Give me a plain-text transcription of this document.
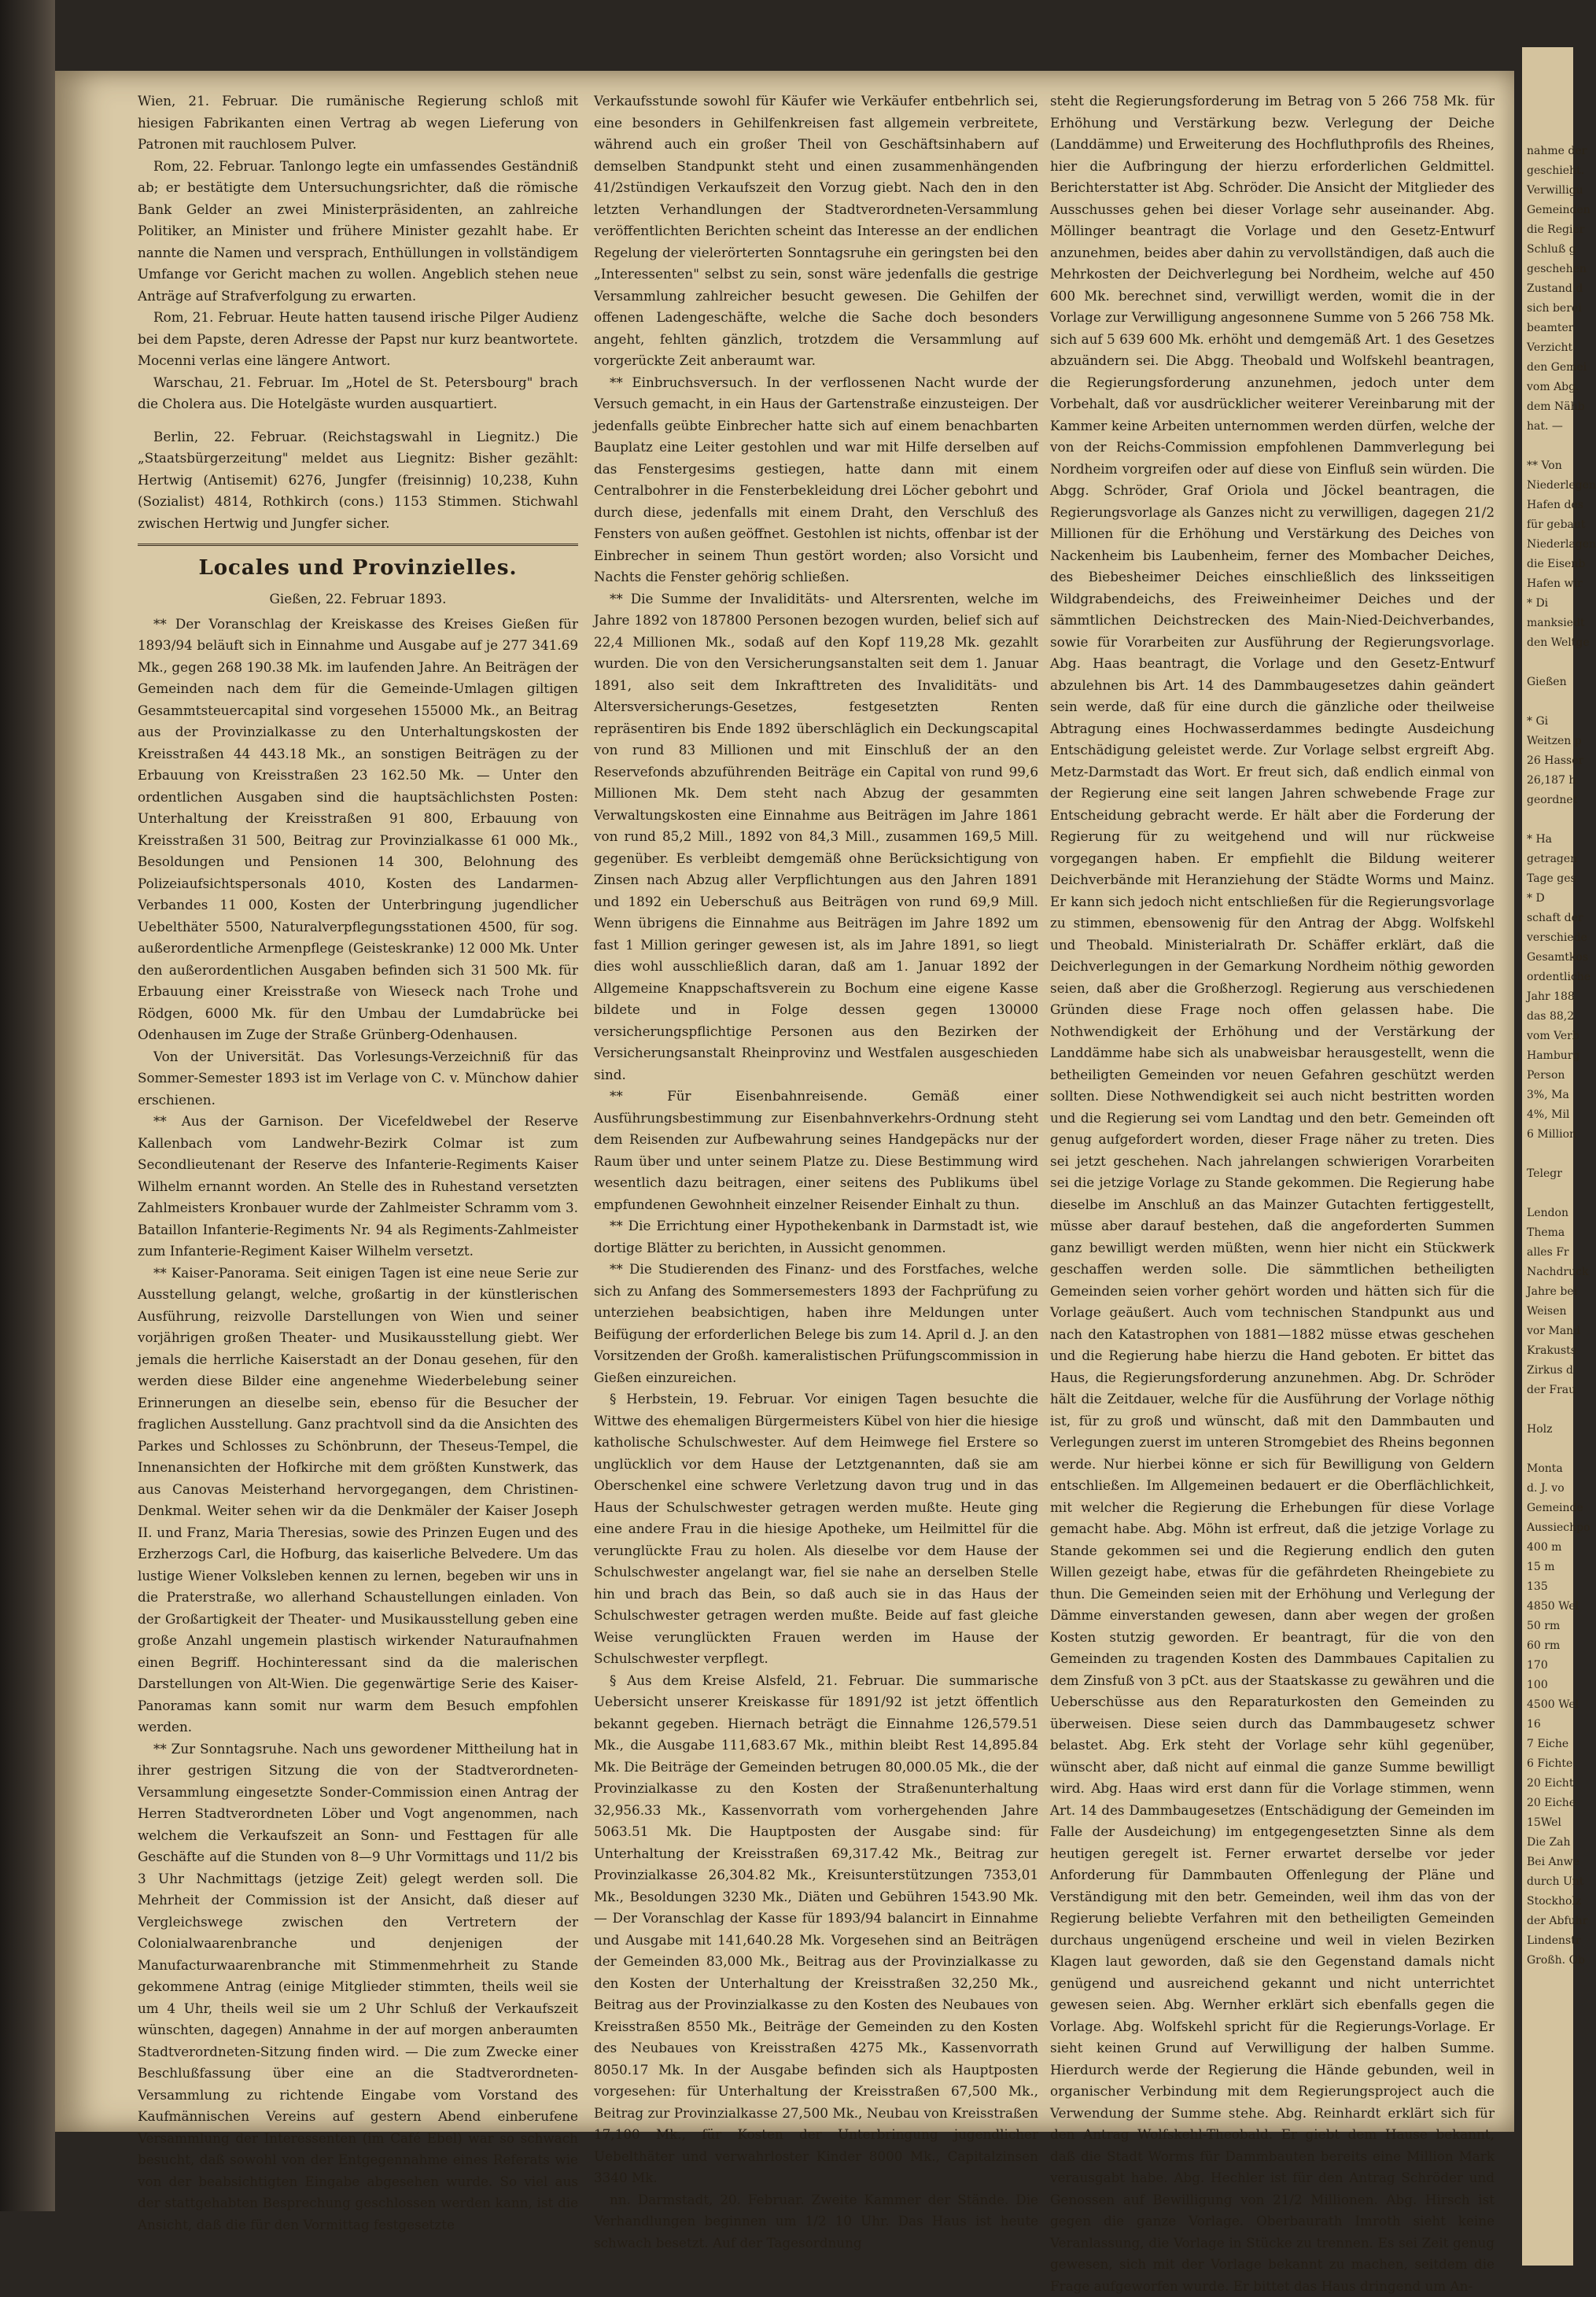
Wien, 21. Februar. Die rumänische Regierung schloß mit hiesigen Fabrikanten einen Vertrag ab wegen Lieferung von Patronen mit rauchlosem Pulver.

Rom, 22. Februar. Tanlongo legte ein umfassendes Geständniß ab; er bestätigte dem Untersuchungsrichter, daß die römische Bank Gelder an zwei Ministerpräsidenten, an zahlreiche Politiker, an Minister und frühere Minister gezahlt habe. Er nannte die Namen und versprach, Enthüllungen in vollständigem Umfange vor Gericht machen zu wollen. Angeblich stehen neue Anträge auf Strafverfolgung zu erwarten.

Rom, 21. Februar. Heute hatten tausend irische Pilger Audienz bei dem Papste, deren Adresse der Papst nur kurz beantwortete. Mocenni verlas eine längere Antwort.

Warschau, 21. Februar. Im „Hotel de St. Petersbourg" brach die Cholera aus. Die Hotelgäste wurden ausquartiert.

Berlin, 22. Februar. (Reichstagswahl in Liegnitz.) Die „Staatsbürgerzeitung" meldet aus Liegnitz: Bisher gezählt: Hertwig (Antisemit) 6276, Jungfer (freisinnig) 10,238, Kuhn (Sozialist) 4814, Rothkirch (cons.) 1153 Stimmen. Stichwahl zwischen Hertwig und Jungfer sicher.

Locales und Provinzielles.
Gießen, 22. Februar 1893.

** Der Voranschlag der Kreiskasse des Kreises Gießen für 1893/94 beläuft sich in Einnahme und Ausgabe auf je 277 341.69 Mk., gegen 268 190.38 Mk. im laufenden Jahre. An Beiträgen der Gemeinden nach dem für die Gemeinde-Umlagen giltigen Gesammtsteuercapital sind vorgesehen 155000 Mk., an Beitrag aus der Provinzialkasse zu den Unterhaltungskosten der Kreisstraßen 44 443.18 Mk., an sonstigen Beiträgen zu der Erbauung von Kreisstraßen 23 162.50 Mk. — Unter den ordentlichen Ausgaben sind die hauptsächlichsten Posten: Unterhaltung der Kreisstraßen 91 800, Erbauung von Kreisstraßen 31 500, Beitrag zur Provinzialkasse 61 000 Mk., Besoldungen und Pensionen 14 300, Belohnung des Polizeiaufsichtspersonals 4010, Kosten des Landarmen-Verbandes 11 000, Kosten der Unterbringung jugendlicher Uebelthäter 5500, Naturalverpflegungsstationen 4500, für sog. außerordentliche Armenpflege (Geisteskranke) 12 000 Mk. Unter den außerordentlichen Ausgaben befinden sich 31 500 Mk. für Erbauung einer Kreisstraße von Wieseck nach Trohe und Rödgen, 6000 Mk. für den Umbau der Lumdabrücke bei Odenhausen im Zuge der Straße Grünberg-Odenhausen.

Von der Universität. Das Vorlesungs-Verzeichniß für das Sommer-Semester 1893 ist im Verlage von C. v. Münchow dahier erschienen.

** Aus der Garnison. Der Vicefeldwebel der Reserve Kallenbach vom Landwehr-Bezirk Colmar ist zum Secondlieutenant der Reserve des Infanterie-Regiments Kaiser Wilhelm ernannt worden. An Stelle des in Ruhestand versetzten Zahlmeisters Kronbauer wurde der Zahlmeister Schramm vom 3. Bataillon Infanterie-Regiments Nr. 94 als Regiments-Zahlmeister zum Infanterie-Regiment Kaiser Wilhelm versetzt.

** Kaiser-Panorama. Seit einigen Tagen ist eine neue Serie zur Ausstellung gelangt, welche, großartig in der künstlerischen Ausführung, reizvolle Darstellungen von Wien und seiner vorjährigen großen Theater- und Musikausstellung giebt. Wer jemals die herrliche Kaiserstadt an der Donau gesehen, für den werden diese Bilder eine angenehme Wiederbelebung seiner Erinnerungen an dieselbe sein, ebenso für die Besucher der fraglichen Ausstellung. Ganz prachtvoll sind da die Ansichten des Parkes und Schlosses zu Schönbrunn, der Theseus-Tempel, die Innenansichten der Hofkirche mit dem größten Kunstwerk, das aus Canovas Meisterhand hervorgegangen, dem Christinen-Denkmal. Weiter sehen wir da die Denkmäler der Kaiser Joseph II. und Franz, Maria Theresias, sowie des Prinzen Eugen und des Erzherzogs Carl, die Hofburg, das kaiserliche Belvedere. Um das lustige Wiener Volksleben kennen zu lernen, begeben wir uns in die Praterstraße, wo allerhand Schaustellungen einladen. Von der Großartigkeit der Theater- und Musikausstellung geben eine große Anzahl ungemein plastisch wirkender Naturaufnahmen einen Begriff. Hochinteressant sind da die malerischen Darstellungen von Alt-Wien. Die gegenwärtige Serie des Kaiser-Panoramas kann somit nur warm dem Besuch empfohlen werden.

** Zur Sonntagsruhe. Nach uns gewordener Mittheilung hat in ihrer gestrigen Sitzung die von der Stadtverordneten-Versammlung eingesetzte Sonder-Commission einen Antrag der Herren Stadtverordneten Löber und Vogt angenommen, nach welchem die Verkaufszeit an Sonn- und Festtagen für alle Geschäfte auf die Stunden von 8—9 Uhr Vormittags und 11/2 bis 3 Uhr Nachmittags (jetzige Zeit) gelegt werden soll. Die Mehrheit der Commission ist der Ansicht, daß dieser auf Vergleichswege zwischen den Vertretern der Colonialwaarenbranche und denjenigen der Manufacturwaarenbranche mit Stimmenmehrheit zu Stande gekommene Antrag (einige Mitglieder stimmten, theils weil sie um 4 Uhr, theils weil sie um 2 Uhr Schluß der Verkaufszeit wünschten, dagegen) Annahme in der auf morgen anberaumten Stadtverordneten-Sitzung finden wird. — Die zum Zwecke einer Beschlußfassung über eine an die Stadtverordneten-Versammlung zu richtende Eingabe vom Vorstand des Kaufmännischen Vereins auf gestern Abend einberufene Versammlung der Interessenten (im Café Ebel) war so schwach besucht, daß sowohl von der Entgegennahme eines Referats wie von der beabsichtigten Eingabe abgesehen wurde. So viel aus der stattgehabten Besprechung geschlossen werden kann, ist die Ansicht, daß die für den Vormittag festgesetzte

Verkaufsstunde sowohl für Käufer wie Verkäufer entbehrlich sei, eine besonders in Gehilfenkreisen fast allgemein verbreitete, während auch ein großer Theil von Geschäftsinhabern auf demselben Standpunkt steht und einen zusammenhängenden 41/2stündigen Verkaufszeit den Vorzug giebt. Nach den in den letzten Verhandlungen der Stadtverordneten-Versammlung veröffentlichten Berichten scheint das Interesse an der endlichen Regelung der vielerörterten Sonntagsruhe ein geringsten bei den „Interessenten" selbst zu sein, sonst wäre jedenfalls die gestrige Versammlung zahlreicher besucht gewesen. Die Gehilfen der offenen Ladengeschäfte, welche die Sache doch besonders angeht, fehlten gänzlich, trotzdem die Versammlung auf vorgerückte Zeit anberaumt war.

** Einbruchsversuch. In der verflossenen Nacht wurde der Versuch gemacht, in ein Haus der Gartenstraße einzusteigen. Der jedenfalls geübte Einbrecher hatte sich auf einem benachbarten Bauplatz eine Leiter gestohlen und war mit Hilfe derselben auf das Fenstergesims gestiegen, hatte dann mit einem Centralbohrer in die Fensterbekleidung drei Löcher gebohrt und durch diese, jedenfalls mit einem Draht, den Verschluß des Fensters von außen geöffnet. Gestohlen ist nichts, offenbar ist der Einbrecher in seinem Thun gestört worden; also Vorsicht und Nachts die Fenster gehörig schließen.

** Die Summe der Invaliditäts- und Altersrenten, welche im Jahre 1892 von 187800 Personen bezogen wurden, belief sich auf 22,4 Millionen Mk., sodaß auf den Kopf 119,28 Mk. gezahlt wurden. Die von den Versicherungsanstalten seit dem 1. Januar 1891, also seit dem Inkrafttreten des Invaliditäts- und Altersversicherungs-Gesetzes, festgesetzten Renten repräsentiren bis Ende 1892 überschläglich ein Deckungscapital von rund 83 Millionen und mit Einschluß der an den Reservefonds abzuführenden Beiträge ein Capital von rund 99,6 Millionen Mk. Dem steht nach Abzug der gesammten Verwaltungskosten eine Einnahme aus Beiträgen im Jahre 1861 von rund 85,2 Mill., 1892 von 84,3 Mill., zusammen 169,5 Mill. gegenüber. Es verbleibt demgemäß ohne Berücksichtigung von Zinsen nach Abzug aller Verpflichtungen aus den Jahren 1891 und 1892 ein Ueberschuß aus Beiträgen von rund 69,9 Mill. Wenn übrigens die Einnahme aus Beiträgen im Jahre 1892 um fast 1 Million geringer gewesen ist, als im Jahre 1891, so liegt dies wohl ausschließlich daran, daß am 1. Januar 1892 der Allgemeine Knappschaftsverein zu Bochum eine eigene Kasse bildete und in Folge dessen gegen 130000 versicherungspflichtige Personen aus den Bezirken der Versicherungsanstalt Rheinprovinz und Westfalen ausgeschieden sind.

** Für Eisenbahnreisende. Gemäß einer Ausführungsbestimmung zur Eisenbahnverkehrs-Ordnung steht dem Reisenden zur Aufbewahrung seines Handgepäcks nur der Raum über und unter seinem Platze zu. Diese Bestimmung wird wesentlich dazu beitragen, einer seitens des Publikums übel empfundenen Gewohnheit einzelner Reisender Einhalt zu thun.

** Die Errichtung einer Hypothekenbank in Darmstadt ist, wie dortige Blätter zu berichten, in Aussicht genommen.

** Die Studierenden des Finanz- und des Forstfaches, welche sich zu Anfang des Sommersemesters 1893 der Fachprüfung zu unterziehen beabsichtigen, haben ihre Meldungen unter Beifügung der erforderlichen Belege bis zum 14. April d. J. an den Vorsitzenden der Großh. kameralistischen Prüfungscommission in Gießen einzureichen.

§ Herbstein, 19. Februar. Vor einigen Tagen besuchte die Wittwe des ehemaligen Bürgermeisters Kübel von hier die hiesige katholische Schulschwester. Auf dem Heimwege fiel Erstere so unglücklich vor dem Hause der Letztgenannten, daß sie am Oberschenkel eine schwere Verletzung davon trug und in das Haus der Schulschwester getragen werden mußte. Heute ging eine andere Frau in die hiesige Apotheke, um Heilmittel für die verunglückte Frau zu holen. Als dieselbe vor dem Hause der Schulschwester angelangt war, fiel sie nahe an derselben Stelle hin und brach das Bein, so daß auch sie in das Haus der Schulschwester getragen werden mußte. Beide auf fast gleiche Weise verunglückten Frauen werden im Hause der Schulschwester verpflegt.

§ Aus dem Kreise Alsfeld, 21. Februar. Die summarische Uebersicht unserer Kreiskasse für 1891/92 ist jetzt öffentlich bekannt gegeben. Hiernach beträgt die Einnahme 126,579.51 Mk., die Ausgabe 111,683.67 Mk., mithin bleibt Rest 14,895.84 Mk. Die Beiträge der Gemeinden betrugen 80,000.05 Mk., die der Provinzialkasse zu den Kosten der Straßenunterhaltung 32,956.33 Mk., Kassenvorrath vom vorhergehenden Jahre 5063.51 Mk. Die Hauptposten der Ausgabe sind: für Unterhaltung der Kreisstraßen 69,317.42 Mk., Beitrag zur Provinzialkasse 26,304.82 Mk., Kreisunterstützungen 7353,01 Mk., Besoldungen 3230 Mk., Diäten und Gebühren 1543.90 Mk. — Der Voranschlag der Kasse für 1893/94 balancirt in Einnahme und Ausgabe mit 141,640.28 Mk. Vorgesehen sind an Beiträgen der Gemeinden 83,000 Mk., Beitrag aus der Provinzialkasse zu den Kosten der Unterhaltung der Kreisstraßen 32,250 Mk., Beitrag aus der Provinzialkasse zu den Kosten des Neubaues von Kreisstraßen 8550 Mk., Beiträge der Gemeinden zu den Kosten des Neubaues von Kreisstraßen 4275 Mk., Kassenvorrath 8050.17 Mk. In der Ausgabe befinden sich als Hauptposten vorgesehen: für Unterhaltung der Kreisstraßen 67,500 Mk., Beitrag zur Provinzialkasse 27,500 Mk., Neubau von Kreisstraßen 17,100 Mk., für Kosten der Unterbringung jugendlicher Uebelthäter und verwahrloster Kinder 8000 Mk., Capitalzinsen 3340 Mk.

nn. Darmstadt, 20. Februar. Zweite Kammer der Stände. Die Verhandlungen beginnen um 1/2 10 Uhr. Das Haus ist heute schwach besetzt. Auf der Tagesordnung

steht die Regierungsforderung im Betrag von 5 266 758 Mk. für Erhöhung und Verstärkung bezw. Verlegung der Deiche (Landdämme) und Erweiterung des Hochfluthprofils des Rheines, hier die Aufbringung der hierzu erforderlichen Geldmittel. Berichterstatter ist Abg. Schröder. Die Ansicht der Mitglieder des Ausschusses gehen bei dieser Vorlage sehr auseinander. Abg. Möllinger beantragt die Vorlage und den Gesetz-Entwurf anzunehmen, beides aber dahin zu vervollständigen, daß auch die Mehrkosten der Deichverlegung bei Nordheim, welche auf 450 600 Mk. berechnet sind, verwilligt werden, womit die in der Vorlage zur Verwilligung angesonnene Summe von 5 266 758 Mk. sich auf 5 639 600 Mk. erhöht und demgemäß Art. 1 des Gesetzes abzuändern sei. Die Abgg. Theobald und Wolfskehl beantragen, die Regierungsforderung anzunehmen, jedoch unter dem Vorbehalt, daß vor ausdrücklicher weiterer Vereinbarung mit der Kammer keine Arbeiten unternommen werden dürfen, welche der von der Reichs-Commission empfohlenen Dammverlegung bei Nordheim vorgreifen oder auf diese von Einfluß sein würden. Die Abgg. Schröder, Graf Oriola und Jöckel beantragen, die Regierungsvorlage als Ganzes nicht zu verwilligen, dagegen 21/2 Millionen für die Erhöhung und Verstärkung des Deiches von Nackenheim bis Laubenheim, ferner des Mombacher Deiches, des Biebesheimer Deiches einschließlich des linksseitigen Wildgrabendeichs, des Freiweinheimer Deiches und der sämmtlichen Deichstrecken des Main-Nied-Deichverbandes, sowie für Vorarbeiten zur Ausführung der Regierungsvorlage. Abg. Haas beantragt, die Vorlage und den Gesetz-Entwurf abzulehnen bis Art. 14 des Dammbaugesetzes dahin geändert sein werde, daß für eine durch die gänzliche oder theilweise Abtragung eines Hochwasserdammes bedingte Ausdeichung Entschädigung geleistet werde. Zur Vorlage selbst ergreift Abg. Metz-Darmstadt das Wort. Er freut sich, daß endlich einmal von der Regierung eine seit langen Jahren schwebende Frage zur Entscheidung gebracht werde. Er hält aber die Forderung der Regierung für zu weitgehend und will nur rückweise vorgegangen haben. Er empfiehlt die Bildung weiterer Deichverbände mit Heranziehung der Städte Worms und Mainz. Er kann sich jedoch nicht entschließen für die Regierungsvorlage zu stimmen, ebensowenig für den Antrag der Abgg. Wolfskehl und Theobald. Ministerialrath Dr. Schäffer erklärt, daß die Deichverlegungen in der Gemarkung Nordheim nöthig geworden seien, daß aber die Großherzogl. Regierung aus verschiedenen Gründen diese Frage noch offen gelassen habe. Die Nothwendigkeit der Erhöhung und der Verstärkung der Landdämme habe sich als unabweisbar herausgestellt, wenn die betheiligten Gemeinden vor neuen Gefahren geschützt werden sollten. Diese Nothwendigkeit sei auch nicht bestritten worden und die Regierung sei vom Landtag und den betr. Gemeinden oft genug aufgefordert worden, dieser Frage näher zu treten. Dies sei jetzt geschehen. Nach jahrelangen schwierigen Vorarbeiten sei die jetzige Vorlage zu Stande gekommen. Die Regierung habe dieselbe im Anschluß an das Mainzer Gutachten fertiggestellt, müsse aber darauf bestehen, daß die angeforderten Summen ganz bewilligt werden müßten, wenn hier nicht ein Stückwerk geschaffen werden solle. Die sämmtlichen betheiligten Gemeinden seien vorher gehört worden und hätten sich für die Vorlage geäußert. Auch vom technischen Standpunkt aus und nach den Katastrophen von 1881—1882 müsse etwas geschehen und die Regierung habe hierzu die Hand geboten. Er bittet das Haus, die Regierungsforderung anzunehmen. Abg. Dr. Schröder hält die Zeitdauer, welche für die Ausführung der Vorlage nöthig ist, für zu groß und wünscht, daß mit den Dammbauten und Verlegungen zuerst im unteren Stromgebiet des Rheins begonnen werde. Nur hierbei könne er sich für Bewilligung von Geldern entschließen. Im Allgemeinen bedauert er die Oberflächlichkeit, mit welcher die Regierung die Erhebungen für diese Vorlage gemacht habe. Abg. Möhn ist erfreut, daß die jetzige Vorlage zu Stande gekommen sei und die Regierung endlich den guten Willen gezeigt habe, etwas für die gefährdeten Rheingebiete zu thun. Die Gemeinden seien mit der Erhöhung und Verlegung der Dämme einverstanden gewesen, dann aber wegen der großen Kosten stutzig geworden. Er beantragt, für die von den Gemeinden zu tragenden Kosten des Dammbaues Capitalien zu dem Zinsfuß von 3 pCt. aus der Staatskasse zu gewähren und die Ueberschüsse aus den Reparaturkosten den Gemeinden zu überweisen. Diese seien durch das Dammbaugesetz schwer belastet. Abg. Erk steht der Vorlage sehr kühl gegenüber, wünscht aber, daß nicht auf einmal die ganze Summe bewilligt wird. Abg. Haas wird erst dann für die Vorlage stimmen, wenn Art. 14 des Dammbaugesetzes (Entschädigung der Gemeinden im Falle der Ausdeichung) im entgegengesetzten Sinne als dem heutigen geregelt ist. Ferner erwartet derselbe vor jeder Anforderung für Dammbauten Offenlegung der Pläne und Verständigung mit den betr. Gemeinden, weil ihm das von der Regierung beliebte Verfahren mit den betheiligten Gemeinden durchaus ungenügend erscheine und weil in vielen Bezirken Klagen laut geworden, daß sie den Gegenstand damals nicht genügend und ausreichend gekannt und nicht unterrichtet gewesen seien. Abg. Wernher erklärt sich ebenfalls gegen die Vorlage. Abg. Wolfskehl spricht für die Regierungs-Vorlage. Er sieht keinen Grund auf Verwilligung der halben Summe. Hierdurch werde der Regierung die Hände gebunden, weil in organischer Verbindung mit dem Regierungsproject auch die Verwendung der Summe stehe. Abg. Reinhardt erklärt sich für den Antrag Wolfskehl-Theobald. Er giebt dem Hause bekannt, daß die Stadt Worms für Dammbauten bereits eine Million Mark verausgabt habe. Abg. Hechler ist für den Antrag Schröder und Genossen auf Bewilligung von 21/2 Millionen. Abg. Hirsch ist gegen die ganze Vorlage. Oberbaurath Imroth sieht keine Veranlassung, die Vorlage in Stücke zu trennen. Es sei Zeit genug gewesen, sich mit der Vorlage bekannt zu machen, seitdem die Frage aufgeworfen wurde. Er bittet das Haus dringend um An-

nahme der
geschieht.
Verwilligu
Gemeinden
die Regier
Schluß g
geschehen
Zustand d
sich berei
beamter
Verzicht
den Gemei
vom Abg.
dem Nähb
hat. —

** Von
Niederlegen
Hafen des
für gebaut
Niederlagen
die Eisenb
Hafen wir
* Di
manksiedt
den Weltge

Gießen

* Gi
Weitzen p
26 Hasser
26,187 h
geordnet

* Ha
getragen
Tage ges
* D
schaft der
verschiede
Gesamtkos
ordentliche
Jahr 188
das 88,2
vom Verb
Hamburg
Person
3%, Ma
4%, Mil
6 Million

Telegr

Lendon
Thema
alles Fr
Nachdruck
Jahre bei
Weisen
vor Mand
Krakusts
Zirkus d
der Frau

Holz

Monta
d. J. vo
Gemeinde
Aussiechpo
400 m
15 m
135
4850 Wel
50 rm
60 rm
170
100
4500 Wel
16
7 Eiche
6 Fichte
20 Eicht
20 Eiche
15Wel
Die Zah
Bei Anwe
durch Unt
Stockholz
der Abfuhr
Lindenstr
Großh. Ob
